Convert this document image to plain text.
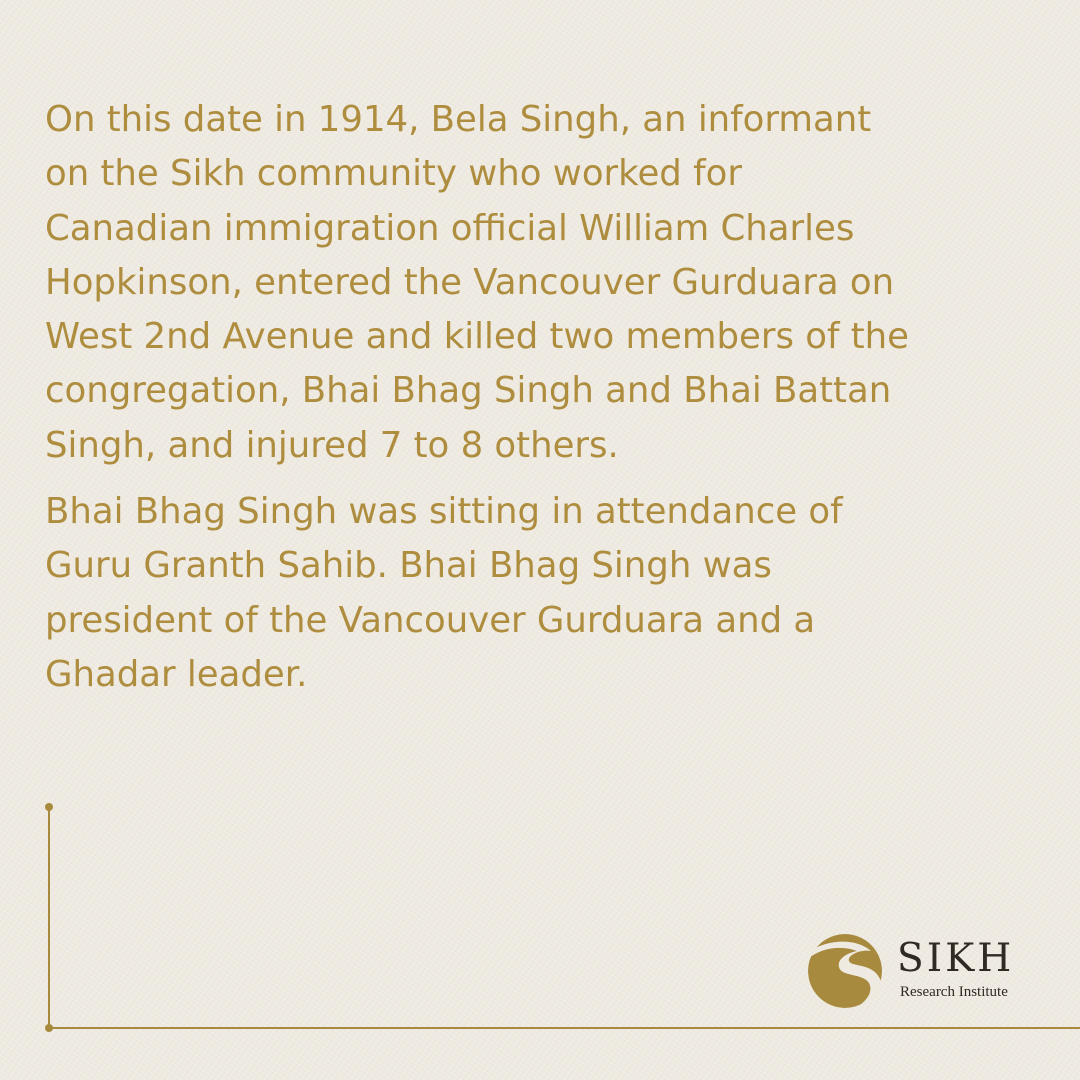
On this date in 1914, Bela Singh, an informant on the Sikh community who worked for Canadian immigration official William Charles Hopkinson, entered the Vancouver Gurduara on West 2nd Avenue and killed two members of the congregation, Bhai Bhag Singh and Bhai Battan Singh, and injured 7 to 8 others.

Bhai Bhag Singh was sitting in attendance of Guru Granth Sahib. Bhai Bhag Singh was president of the Vancouver Gurduara and a Ghadar leader.

SIKH
Research Institute
